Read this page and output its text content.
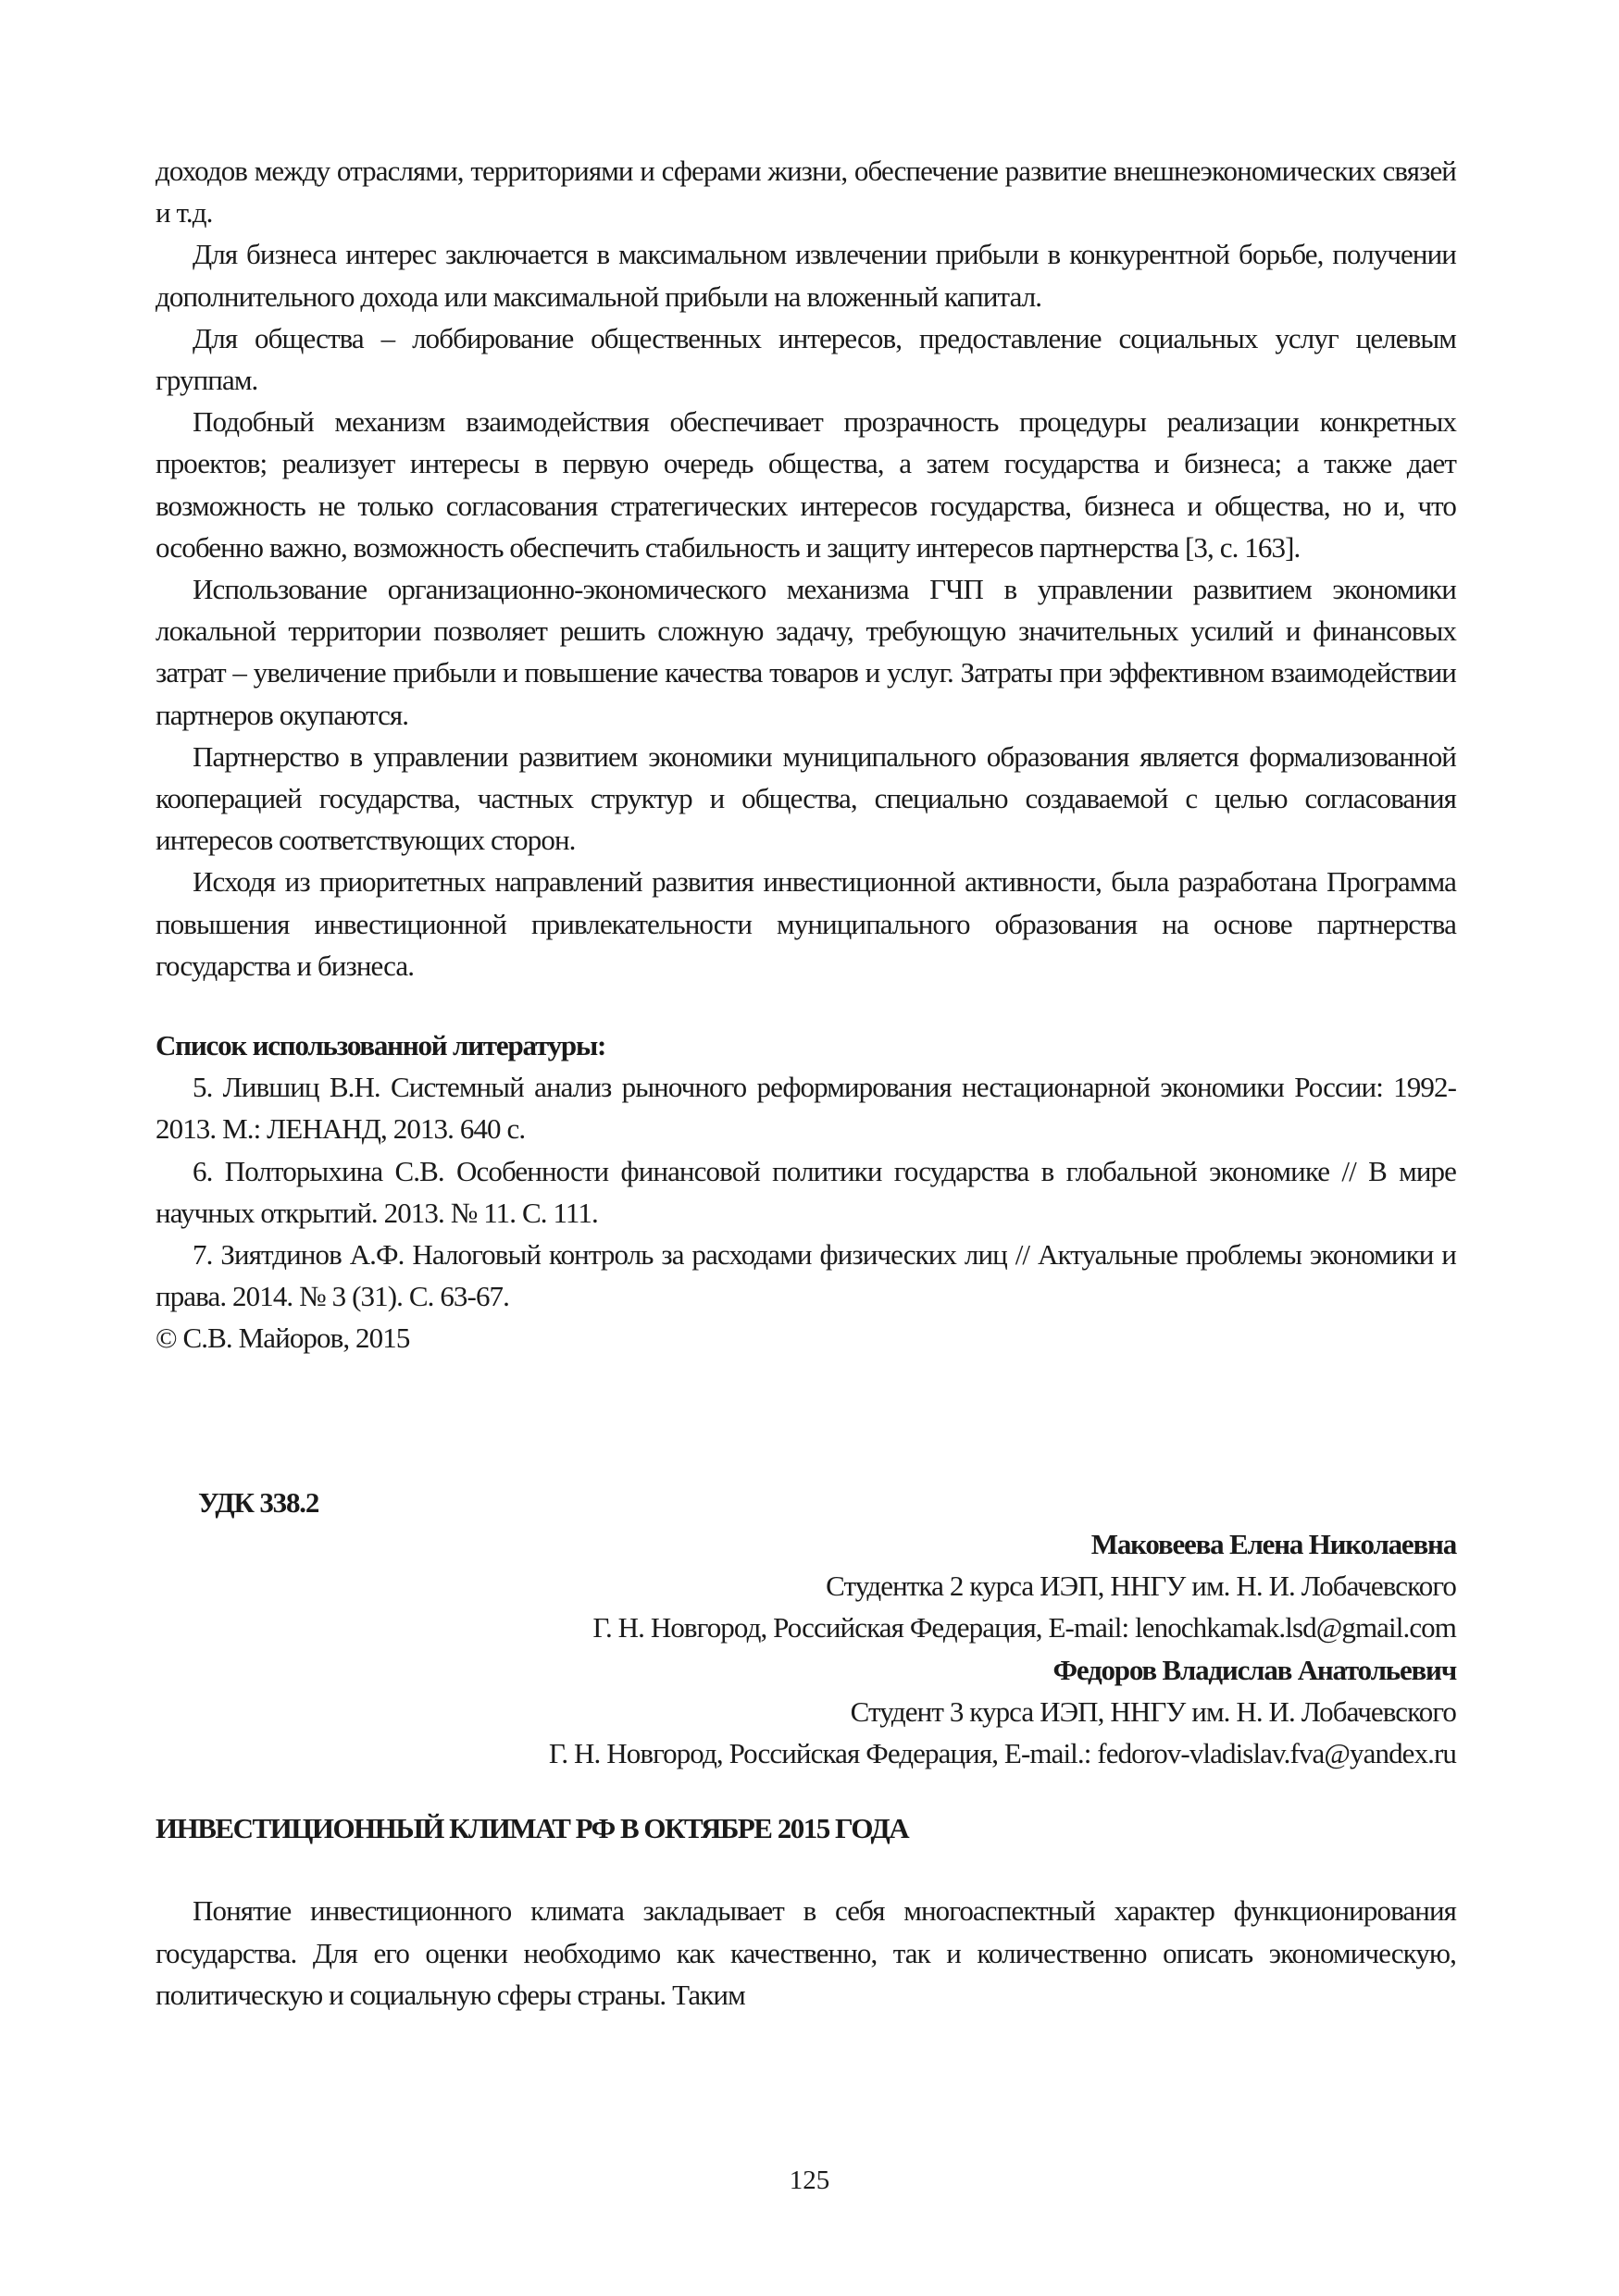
доходов между отраслями, территориями и сферами жизни, обеспечение развитие внешнеэкономических связей и т.д.

Для бизнеса интерес заключается в максимальном извлечении прибыли в конкурентной борьбе, получении дополнительного дохода или максимальной прибыли на вложенный капитал.

Для общества – лоббирование общественных интересов, предоставление социальных услуг целевым группам.

Подобный механизм взаимодействия обеспечивает прозрачность процедуры реализации конкретных проектов; реализует интересы в первую очередь общества, а затем государства и бизнеса; а также дает возможность не только согласования стратегических интересов государства, бизнеса и общества, но и, что особенно важно, возможность обеспечить стабильность и защиту интересов партнерства [3, с. 163].

Использование организационно-экономического механизма ГЧП в управлении развитием экономики локальной территории позволяет решить сложную задачу, требующую значительных усилий и финансовых затрат – увеличение прибыли и повышение качества товаров и услуг. Затраты при эффективном взаимодействии партнеров окупаются.

Партнерство в управлении развитием экономики муниципального образования является формализованной кооперацией государства, частных структур и общества, специально создаваемой с целью согласования интересов соответствующих сторон.

Исходя из приоритетных направлений развития инвестиционной активности, была разработана Программа повышения инвестиционной привлекательности муниципального образования на основе партнерства государства и бизнеса.

Список использованной литературы:

5. Лившиц В.Н. Системный анализ рыночного реформирования нестационарной экономики России: 1992-2013. М.: ЛЕНАНД, 2013. 640 с.

6. Полторыхина С.В. Особенности финансовой политики государства в глобальной экономике // В мире научных открытий. 2013. № 11. С. 111.

7. Зиятдинов А.Ф. Налоговый контроль за расходами физических лиц // Актуальные проблемы экономики и права. 2014. № 3 (31). С. 63-67.

© С.В. Майоров, 2015

УДК 338.2

Маковеева Елена Николаевна
Студентка 2 курса ИЭП, ННГУ им. Н. И. Лобачевского
Г. Н. Новгород, Российская Федерация, E-mail: lenochkamak.lsd@gmail.com
Федоров Владислав Анатольевич
Студент 3 курса ИЭП, ННГУ им. Н. И. Лобачевского
Г. Н. Новгород, Российская Федерация, E-mail.: fedorov-vladislav.fva@yandex.ru

ИНВЕСТИЦИОННЫЙ КЛИМАТ РФ В ОКТЯБРЕ 2015 ГОДА

Понятие инвестиционного климата закладывает в себя многоаспектный характер функционирования государства. Для его оценки необходимо как качественно, так и количественно описать экономическую, политическую и социальную сферы страны. Таким

125
